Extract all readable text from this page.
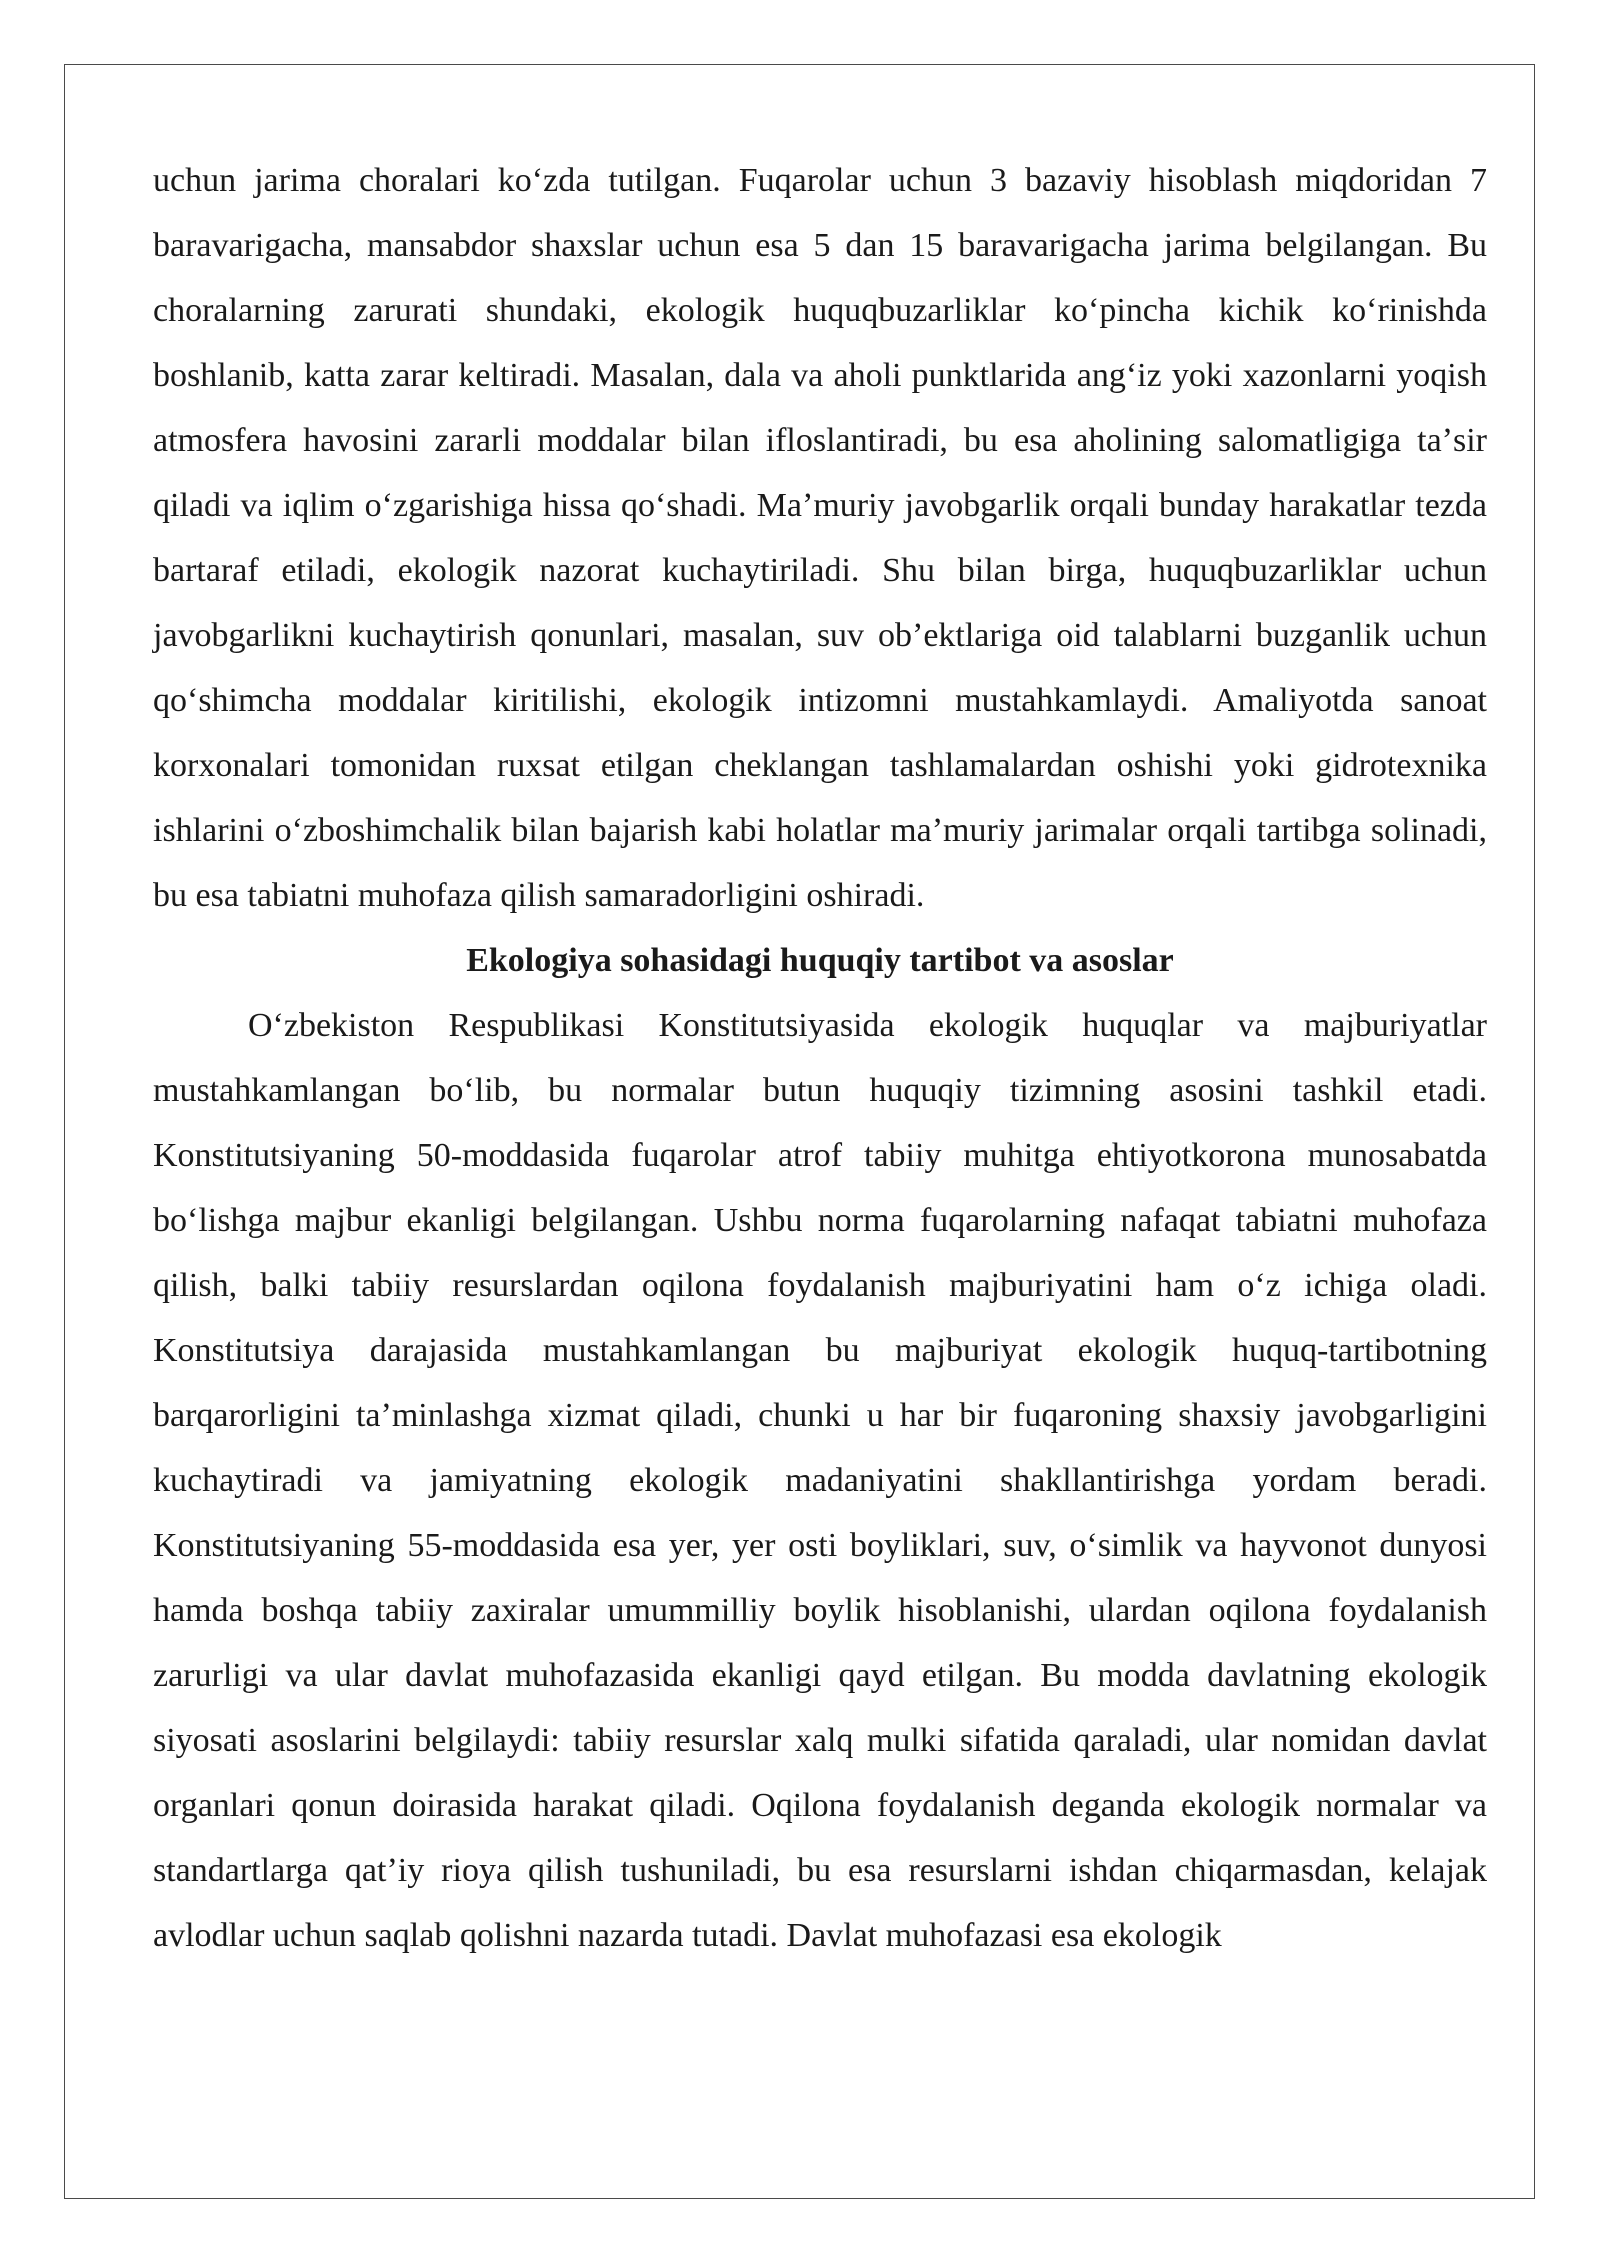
uchun jarima choralari koʻzda tutilgan. Fuqarolar uchun 3 bazaviy hisoblash miqdoridan 7 baravarigacha, mansabdor shaxslar uchun esa 5 dan 15 baravarigacha jarima belgilangan. Bu choralarning zarurati shundaki, ekologik huquqbuzarliklar koʻpincha kichik koʻrinishda boshlanib, katta zarar keltiradi. Masalan, dala va aholi punktlarida angʻiz yoki xazonlarni yoqish atmosfera havosini zararli moddalar bilan ifloslantiradi, bu esa aholining salomatligiga taʼsir qiladi va iqlim oʻzgarishiga hissa qoʻshadi. Maʼmuriy javobgarlik orqali bunday harakatlar tezda bartaraf etiladi, ekologik nazorat kuchaytiriladi. Shu bilan birga, huquqbuzarliklar uchun javobgarlikni kuchaytirish qonunlari, masalan, suv obʼektlariga oid talablarni buzganlik uchun qoʻshimcha moddalar kiritilishi, ekologik intizomni mustahkamlaydi. Amaliyotda sanoat korxonalari tomonidan ruxsat etilgan cheklangan tashlamalardan oshishi yoki gidrotexnika ishlarini oʻzboshimchalik bilan bajarish kabi holatlar maʼmuriy jarimalar orqali tartibga solinadi, bu esa tabiatni muhofaza qilish samaradorligini oshiradi.

Ekologiya sohasidagi huquqiy tartibot va asoslar

Oʻzbekiston Respublikasi Konstitutsiyasida ekologik huquqlar va majburiyatlar mustahkamlangan boʻlib, bu normalar butun huquqiy tizimning asosini tashkil etadi. Konstitutsiyaning 50-moddasida fuqarolar atrof tabiiy muhitga ehtiyotkorona munosabatda boʻlishga majbur ekanligi belgilangan. Ushbu norma fuqarolarning nafaqat tabiatni muhofaza qilish, balki tabiiy resurslardan oqilona foydalanish majburiyatini ham oʻz ichiga oladi. Konstitutsiya darajasida mustahkamlangan bu majburiyat ekologik huquq-tartibotning barqarorligini taʼminlashga xizmat qiladi, chunki u har bir fuqaroning shaxsiy javobgarligini kuchaytiradi va jamiyatning ekologik madaniyatini shakllantirishga yordam beradi. Konstitutsiyaning 55-moddasida esa yer, yer osti boyliklari, suv, oʻsimlik va hayvonot dunyosi hamda boshqa tabiiy zaxiralar umummilliy boylik hisoblanishi, ulardan oqilona foydalanish zarurligi va ular davlat muhofazasida ekanligi qayd etilgan. Bu modda davlatning ekologik siyosati asoslarini belgilaydi: tabiiy resurslar xalq mulki sifatida qaraladi, ular nomidan davlat organlari qonun doirasida harakat qiladi. Oqilona foydalanish deganda ekologik normalar va standartlarga qatʼiy rioya qilish tushuniladi, bu esa resurslarni ishdan chiqarmasdan, kelajak avlodlar uchun saqlab qolishni nazarda tutadi. Davlat muhofazasi esa ekologik
